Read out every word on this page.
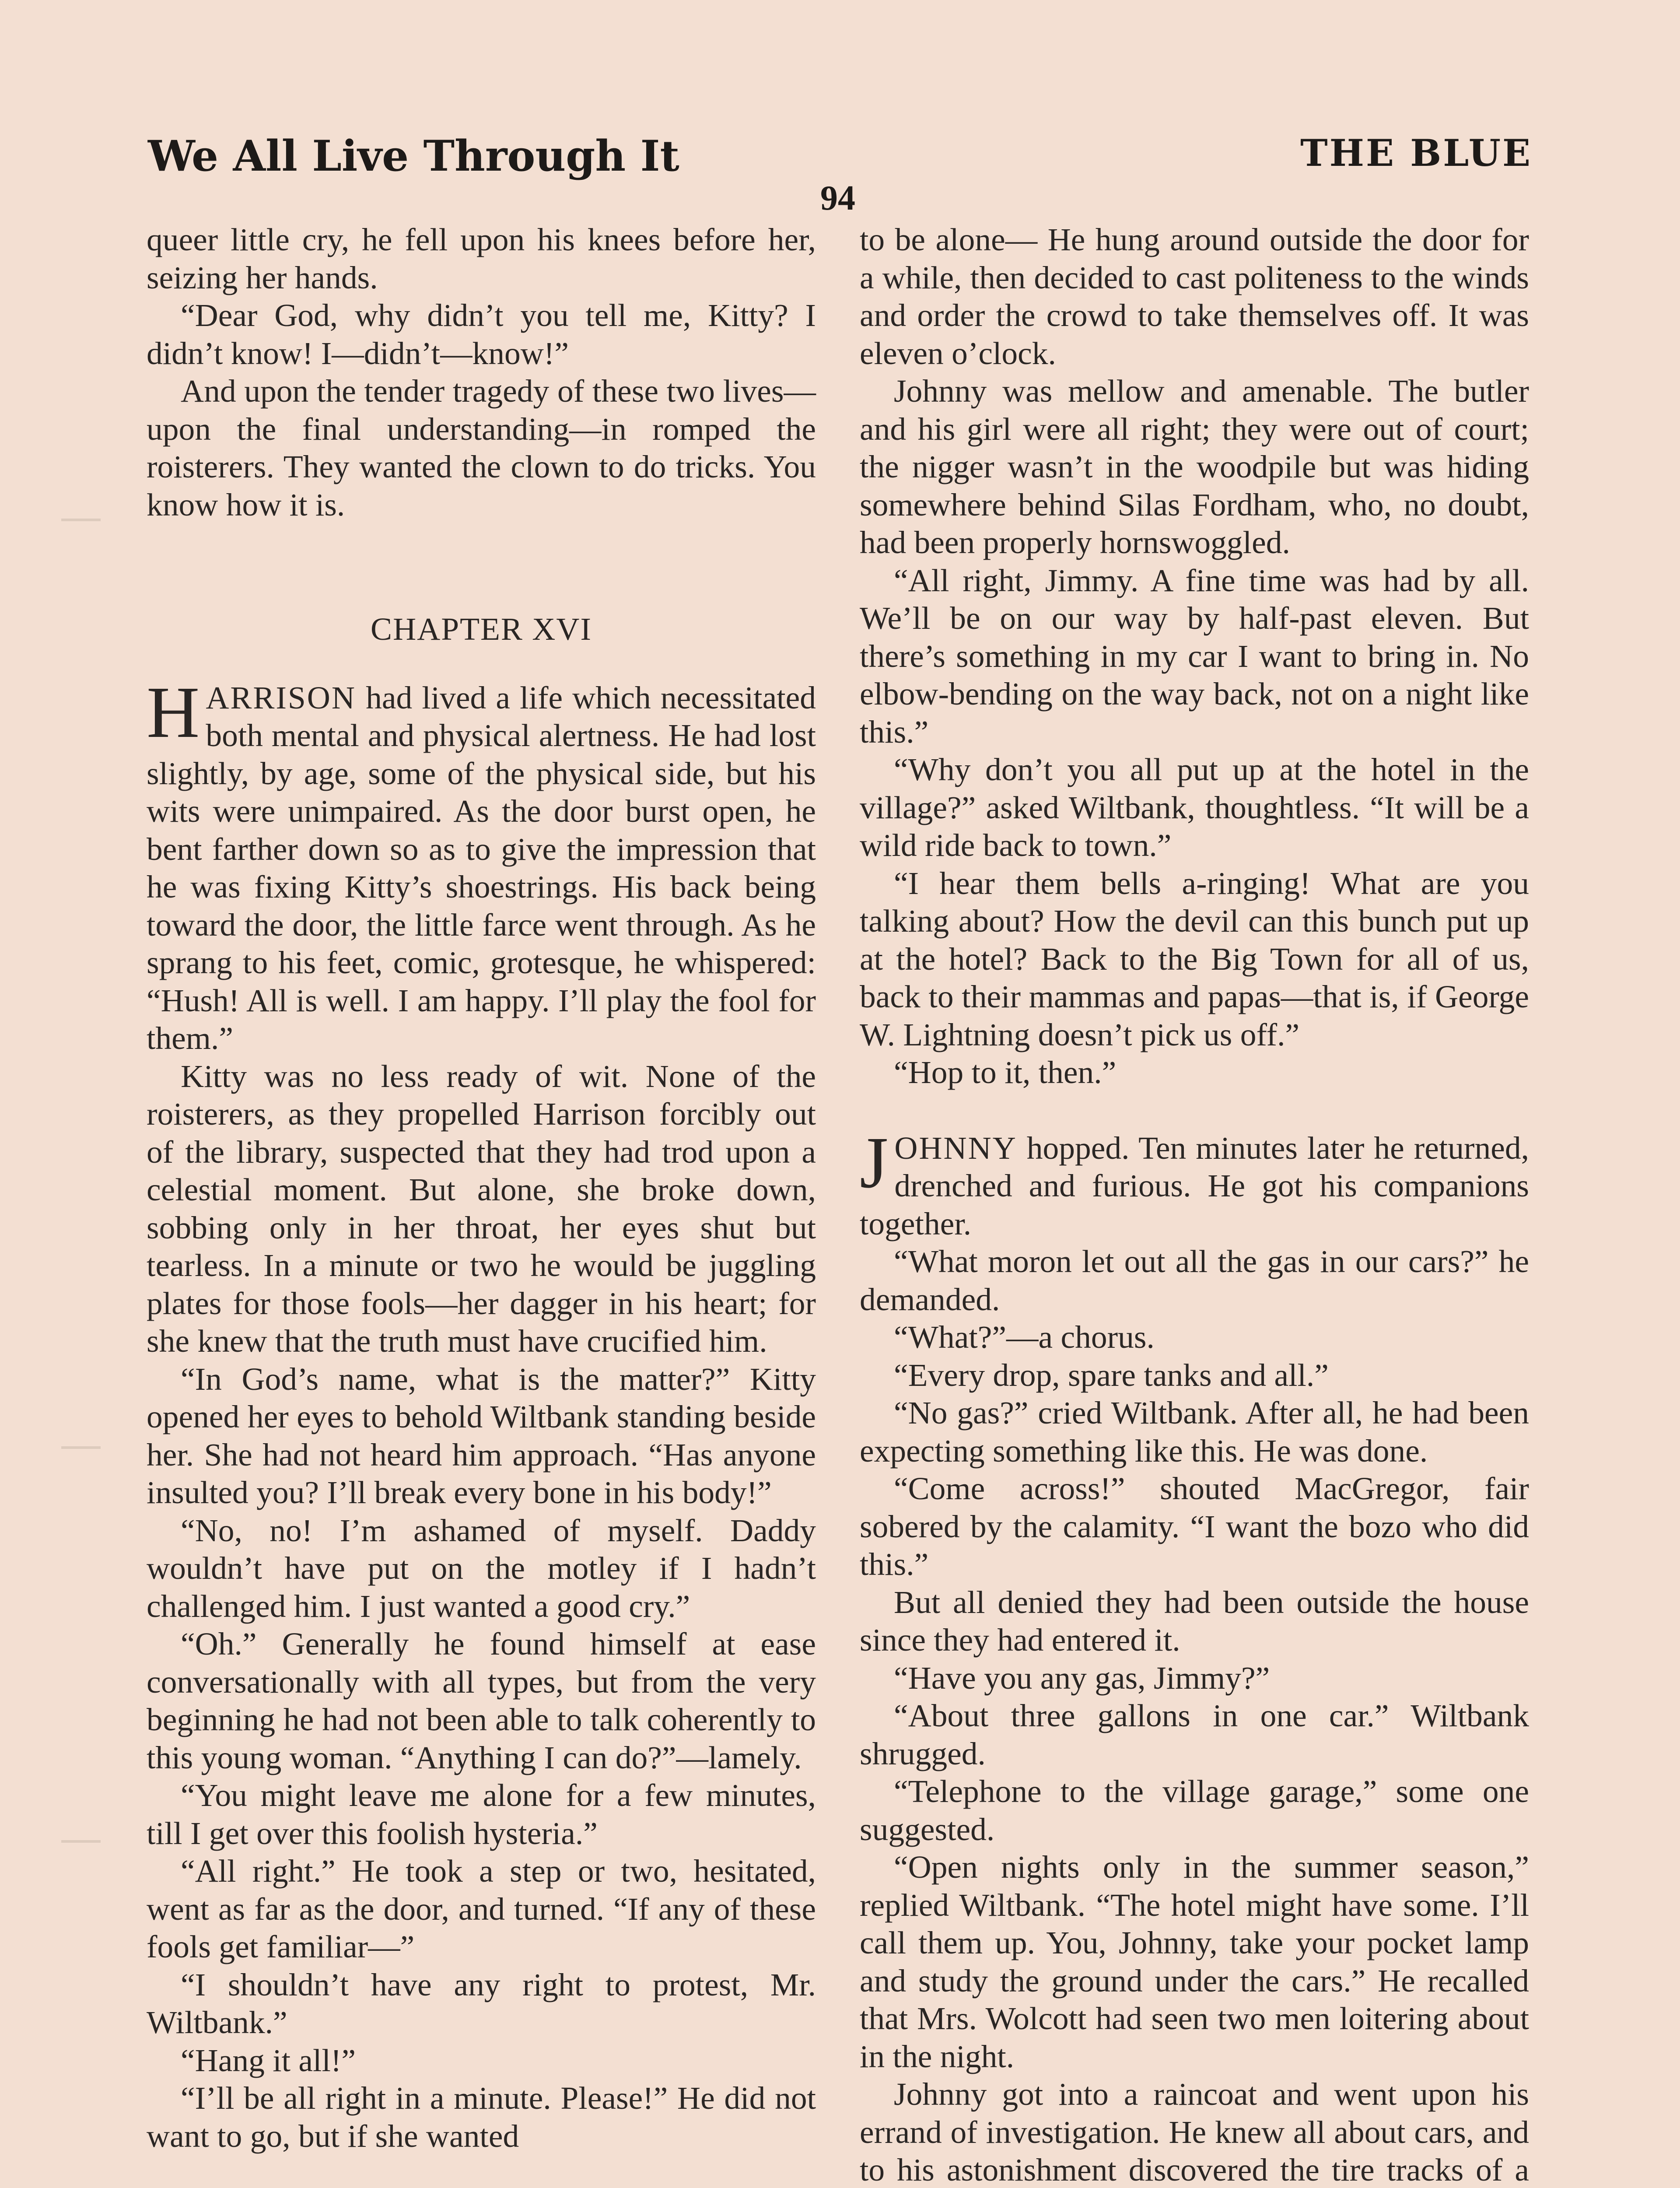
We All Live Through It	THE BLUE
94

queer little cry, he fell upon his knees before her, seizing her hands.

“Dear God, why didn’t you tell me, Kitty? I didn’t know! I—didn’t—know!”

And upon the tender tragedy of these two lives—upon the final understanding—in romped the roisterers. They wanted the clown to do tricks. You know how it is.

CHAPTER XVI

HARRISON had lived a life which necessitated both mental and physical alertness. He had lost slightly, by age, some of the physical side, but his wits were unimpaired. As the door burst open, he bent farther down so as to give the impression that he was fixing Kitty’s shoestrings. His back being toward the door, the little farce went through. As he sprang to his feet, comic, grotesque, he whispered: “Hush! All is well. I am happy. I’ll play the fool for them.”

Kitty was no less ready of wit. None of the roisterers, as they propelled Harrison forcibly out of the library, suspected that they had trod upon a celestial moment. But alone, she broke down, sobbing only in her throat, her eyes shut but tearless. In a minute or two he would be juggling plates for those fools—her dagger in his heart; for she knew that the truth must have crucified him.

“In God’s name, what is the matter?” Kitty opened her eyes to behold Wiltbank standing beside her. She had not heard him approach. “Has anyone insulted you? I’ll break every bone in his body!”

“No, no! I’m ashamed of myself. Daddy wouldn’t have put on the motley if I hadn’t challenged him. I just wanted a good cry.”

“Oh.” Generally he found himself at ease conversationally with all types, but from the very beginning he had not been able to talk coherently to this young woman. “Anything I can do?”—lamely.

“You might leave me alone for a few minutes, till I get over this foolish hysteria.”

“All right.” He took a step or two, hesitated, went as far as the door, and turned. “If any of these fools get familiar—”

“I shouldn’t have any right to protest, Mr. Wiltbank.”

“Hang it all!”

“I’ll be all right in a minute. Please!” He did not want to go, but if she wanted

to be alone— He hung around outside the door for a while, then decided to cast politeness to the winds and order the crowd to take themselves off. It was eleven o’clock.

Johnny was mellow and amenable. The butler and his girl were all right; they were out of court; the nigger wasn’t in the woodpile but was hiding somewhere behind Silas Fordham, who, no doubt, had been properly hornswoggled.

“All right, Jimmy. A fine time was had by all. We’ll be on our way by half-past eleven. But there’s something in my car I want to bring in. No elbow-bending on the way back, not on a night like this.”

“Why don’t you all put up at the hotel in the village?” asked Wiltbank, thoughtless. “It will be a wild ride back to town.”

“I hear them bells a-ringing! What are you talking about? How the devil can this bunch put up at the hotel? Back to the Big Town for all of us, back to their mammas and papas—that is, if George W. Lightning doesn’t pick us off.”

“Hop to it, then.”

JOHNNY hopped. Ten minutes later he returned, drenched and furious. He got his companions together.

“What moron let out all the gas in our cars?” he demanded.

“What?”—a chorus.

“Every drop, spare tanks and all.”

“No gas?” cried Wiltbank. After all, he had been expecting something like this. He was done.

“Come across!” shouted MacGregor, fair sobered by the calamity. “I want the bozo who did this.”

But all denied they had been outside the house since they had entered it.

“Have you any gas, Jimmy?”

“About three gallons in one car.” Wiltbank shrugged.

“Telephone to the village garage,” some one suggested.

“Open nights only in the summer season,” replied Wiltbank. “The hotel might have some. I’ll call them up. You, Johnny, take your pocket lamp and study the ground under the cars.” He recalled that Mrs. Wolcott had seen two men loitering about in the night.

Johnny got into a raincoat and went upon his errand of investigation. He knew all about cars, and to his astonishment discovered the tire tracks of a
